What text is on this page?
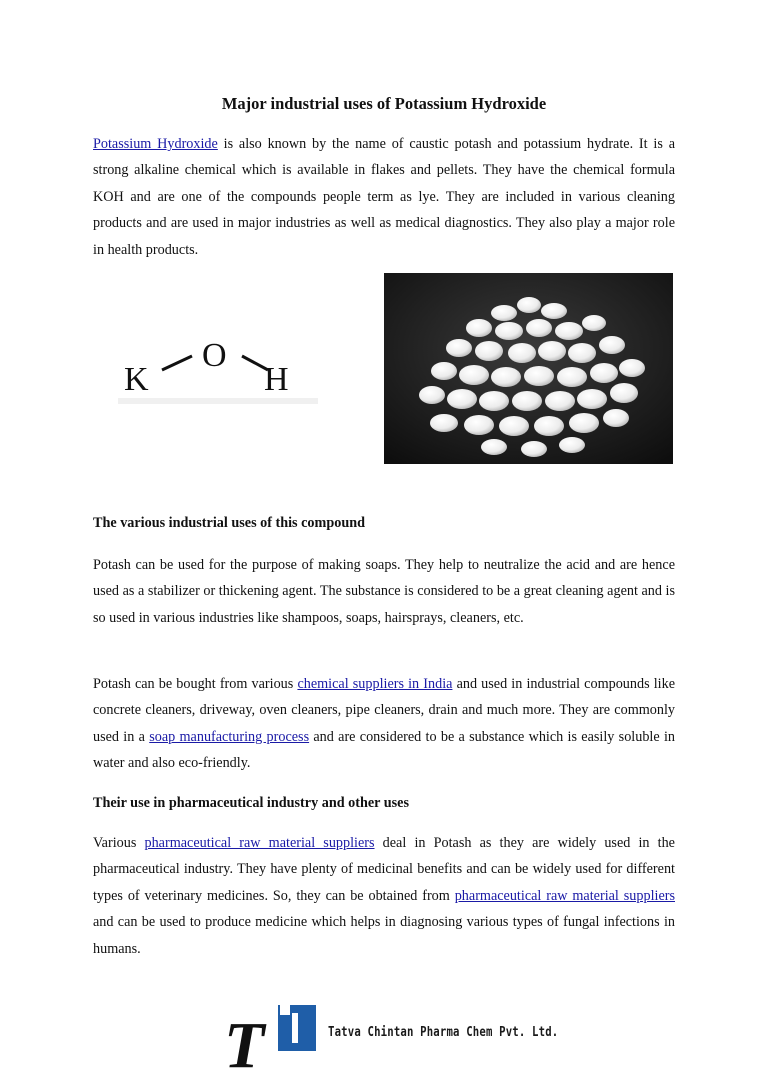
Major industrial uses of Potassium Hydroxide

Potassium Hydroxide is also known by the name of caustic potash and potassium hydrate. It is a strong alkaline chemical which is available in flakes and pellets. They have the chemical formula KOH and are one of the compounds people term as lye. They are included in various cleaning products and are used in major industries as well as medical diagnostics. They also play a major role in health products.

K
O
H
The various industrial uses of this compound

Potash can be used for the purpose of making soaps. They help to neutralize the acid and are hence used as a stabilizer or thickening agent. The substance is considered to be a great cleaning agent and is so used in various industries like shampoos, soaps, hairsprays, cleaners, etc.

Potash can be bought from various chemical suppliers in India and used in industrial compounds like concrete cleaners, driveway, oven cleaners, pipe cleaners, drain and much more. They are commonly used in a soap manufacturing process and are considered to be a substance which is easily soluble in water and also eco-friendly.

Their use in pharmaceutical industry and other uses

Various pharmaceutical raw material suppliers deal in Potash as they are widely used in the pharmaceutical industry. They have plenty of medicinal benefits and can be widely used for different types of veterinary medicines. So, they can be obtained from pharmaceutical raw material suppliers and can be used to produce medicine which helps in diagnosing various types of fungal infections in humans.

T	Tatva Chintan Pharma Chem Pvt. Ltd.
